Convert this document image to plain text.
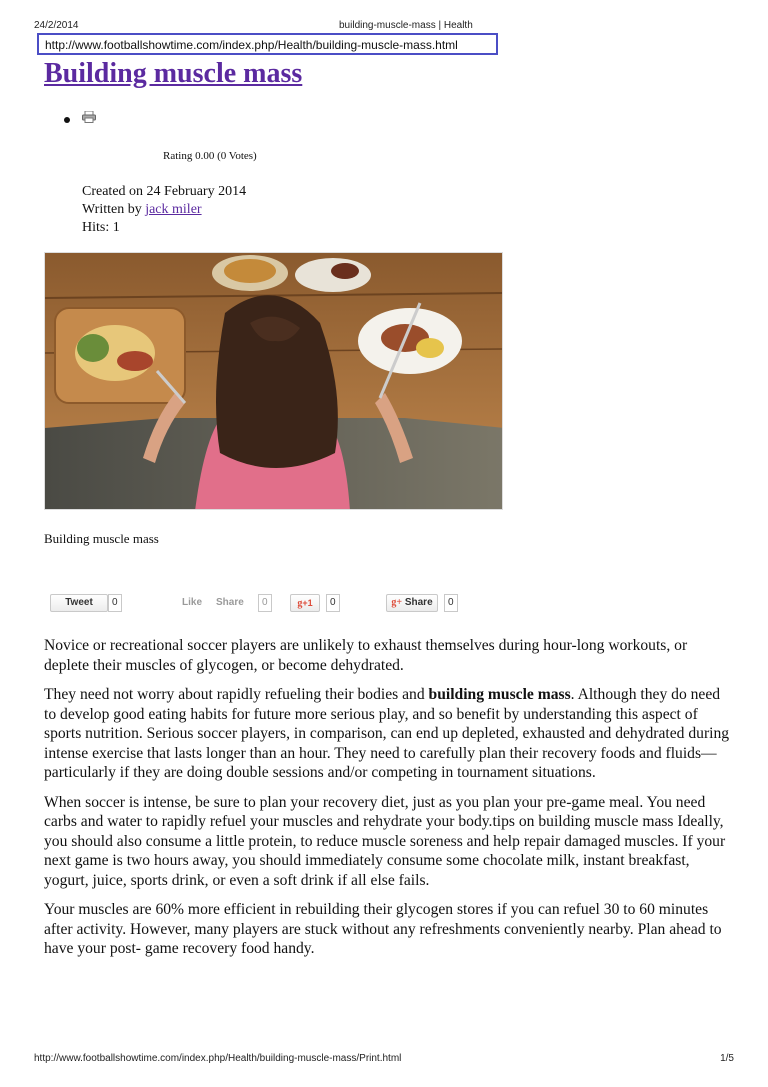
24/2/2014	building-muscle-mass | Health
http://www.footballshowtime.com/index.php/Health/building-muscle-mass.html
Building muscle mass
Rating 0.00 (0 Votes)
Created on 24 February 2014
Written by jack miler
Hits: 1
Building muscle mass
Tweet	0	Like Share	0	g+1	0	g+ Share	0

Novice or recreational soccer players are unlikely to exhaust themselves during hour-long workouts, or deplete their muscles of glycogen, or become dehydrated.

They need not worry about rapidly refueling their bodies and building muscle mass. Although they do need to develop good eating habits for future more serious play, and so benefit by understanding this aspect of sports nutrition. Serious soccer players, in comparison, can end up depleted, exhausted and dehydrated during intense exercise that lasts longer than an hour. They need to carefully plan their recovery foods and fluids—particularly if they are doing double sessions and/or competing in tournament situations.

When soccer is intense, be sure to plan your recovery diet, just as you plan your pre-game meal. You need carbs and water to rapidly refuel your muscles and rehydrate your body.tips on building muscle mass Ideally, you should also consume a little protein, to reduce muscle soreness and help repair damaged muscles. If your next game is two hours away, you should immediately consume some chocolate milk, instant breakfast, yogurt, juice, sports drink, or even a soft drink if all else fails.

Your muscles are 60% more efficient in rebuilding their glycogen stores if you can refuel 30 to 60 minutes after activity. However, many players are stuck without any refreshments conveniently nearby. Plan ahead to have your post- game recovery food handy.

http://www.footballshowtime.com/index.php/Health/building-muscle-mass/Print.html	1/5
